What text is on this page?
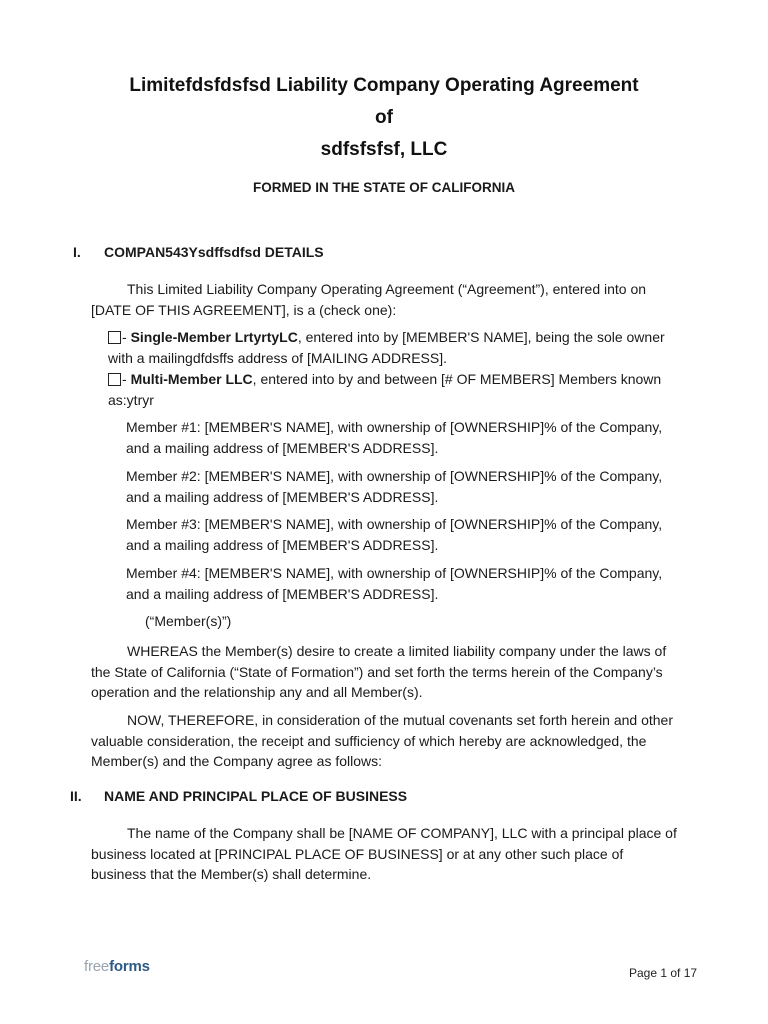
Limitefdsfdsfsd Liability Company Operating Agreement
of
sdfsfsfsf, LLC
FORMED IN THE STATE OF CALIFORNIA
I. COMPAN543Ysdffsdfsd DETAILS
This Limited Liability Company Operating Agreement (“Agreement”), entered into on [DATE OF THIS AGREEMENT], is a (check one):
- Single-Member LrtyrtyLC, entered into by [MEMBER'S NAME], being the sole owner with a mailingdfdsffs address of [MAILING ADDRESS].
- Multi-Member LLC, entered into by and between [# OF MEMBERS] Members known as:ytryr
Member #1: [MEMBER'S NAME], with ownership of [OWNERSHIP]% of the Company, and a mailing address of [MEMBER'S ADDRESS].
Member #2: [MEMBER'S NAME], with ownership of [OWNERSHIP]% of the Company, and a mailing address of [MEMBER'S ADDRESS].
Member #3: [MEMBER'S NAME], with ownership of [OWNERSHIP]% of the Company, and a mailing address of [MEMBER'S ADDRESS].
Member #4: [MEMBER'S NAME], with ownership of [OWNERSHIP]% of the Company, and a mailing address of [MEMBER'S ADDRESS].
(“Member(s)”)
WHEREAS the Member(s) desire to create a limited liability company under the laws of the State of California (“State of Formation”) and set forth the terms herein of the Company’s operation and the relationship any and all Member(s).
NOW, THEREFORE, in consideration of the mutual covenants set forth herein and other valuable consideration, the receipt and sufficiency of which hereby are acknowledged, the Member(s) and the Company agree as follows:
II. NAME AND PRINCIPAL PLACE OF BUSINESS
The name of the Company shall be [NAME OF COMPANY], LLC with a principal place of business located at [PRINCIPAL PLACE OF BUSINESS] or at any other such place of business that the Member(s) shall determine.
freeforms	Page 1 of 17
